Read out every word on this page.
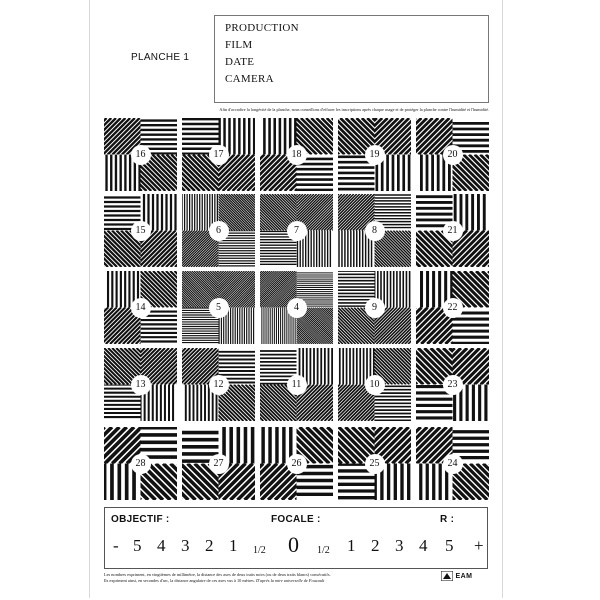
PLANCHE 1
PRODUCTION
FILM
DATE
CAMERA
Afin d'accroître la longévité de la planche, nous conseillons d'effacer les inscriptions après chaque usage et de protéger la planche contre l'humidité et l'humidité.
16	17	18	19	20
15	6	7	8	21
14	5	4	9	22
13	12	11	10	23
28	27	26	25	24
OBJECTIF :	FOCALE :	R :
- 5 4 3 2 1 1/2 0 1/2 1 2 3 4 5 +
Les nombres expriment, en vingtièmes de millimètre, la distance des axes de deux traits noirs (ou de deux traits blancs) consécutifs.
Ils expriment ainsi, en secondes d'arc, la distance angulaire de ces axes vus à 10 mètres. D'après la mire universelle de Foucault
EAM
